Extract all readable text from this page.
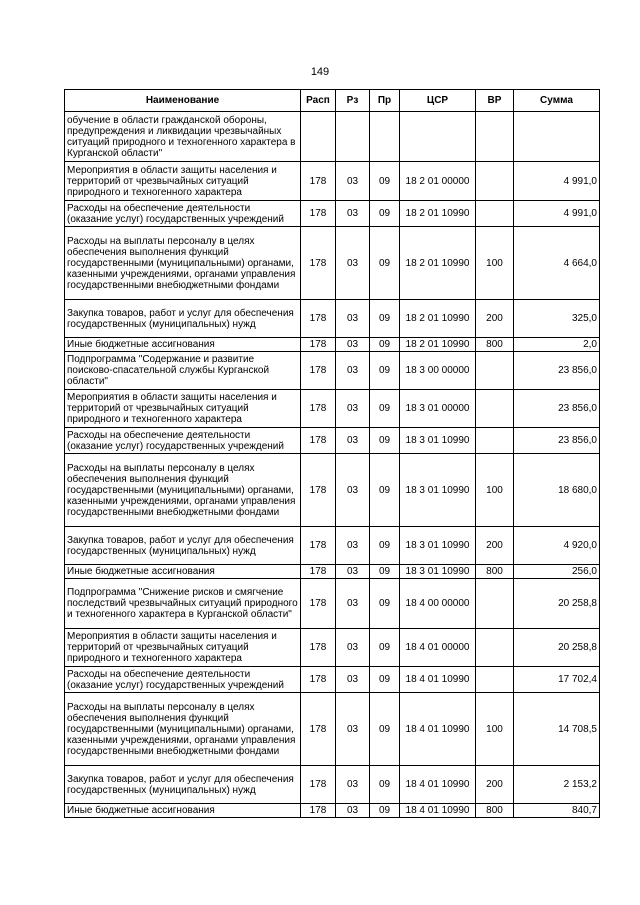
149
Наименование	Расп	Рз	Пр	ЦСР	ВР	Сумма
обучение в области гражданской обороны, предупреждения и ликвидации чрезвычайных ситуаций природного и техногенного характера в Курганской области"						
Мероприятия в области защиты населения и территорий от чрезвычайных ситуаций природного и техногенного характера	178	03	09	18 2 01 00000		4 991,0
Расходы на обеспечение деятельности (оказание услуг) государственных учреждений	178	03	09	18 2 01 10990		4 991,0
Расходы на выплаты персоналу в целях обеспечения выполнения функций государственными (муниципальными) органами, казенными учреждениями, органами управления государственными внебюджетными фондами	178	03	09	18 2 01 10990	100	4 664,0
Закупка товаров, работ и услуг для обеспечения государственных (муниципальных) нужд	178	03	09	18 2 01 10990	200	325,0
Иные бюджетные ассигнования	178	03	09	18 2 01 10990	800	2,0
Подпрограмма "Содержание и развитие поисково-спасательной службы Курганской области"	178	03	09	18 3 00 00000		23 856,0
Мероприятия в области защиты населения и территорий от чрезвычайных ситуаций природного и техногенного характера	178	03	09	18 3 01 00000		23 856,0
Расходы на обеспечение деятельности (оказание услуг) государственных учреждений	178	03	09	18 3 01 10990		23 856,0
Расходы на выплаты персоналу в целях обеспечения выполнения функций государственными (муниципальными) органами, казенными учреждениями, органами управления государственными внебюджетными фондами	178	03	09	18 3 01 10990	100	18 680,0
Закупка товаров, работ и услуг для обеспечения государственных (муниципальных) нужд	178	03	09	18 3 01 10990	200	4 920,0
Иные бюджетные ассигнования	178	03	09	18 3 01 10990	800	256,0
Подпрограмма "Снижение рисков и смягчение последствий чрезвычайных ситуаций природного и техногенного характера в Курганской области"	178	03	09	18 4 00 00000		20 258,8
Мероприятия в области защиты населения и территорий от чрезвычайных ситуаций природного и техногенного характера	178	03	09	18 4 01 00000		20 258,8
Расходы на обеспечение деятельности (оказание услуг) государственных учреждений	178	03	09	18 4 01 10990		17 702,4
Расходы на выплаты персоналу в целях обеспечения выполнения функций государственными (муниципальными) органами, казенными учреждениями, органами управления государственными внебюджетными фондами	178	03	09	18 4 01 10990	100	14 708,5
Закупка товаров, работ и услуг для обеспечения государственных (муниципальных) нужд	178	03	09	18 4 01 10990	200	2 153,2
Иные бюджетные ассигнования	178	03	09	18 4 01 10990	800	840,7
